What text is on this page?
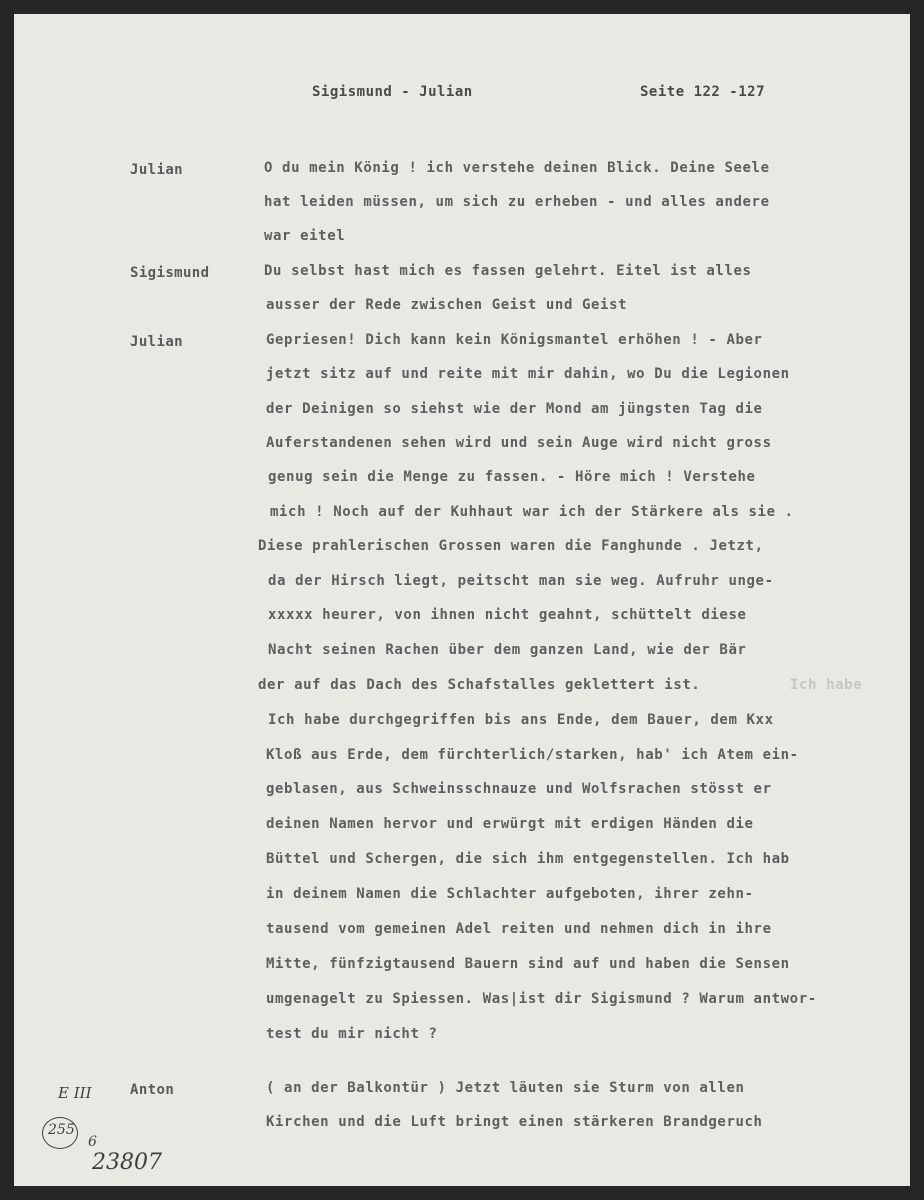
Sigismund - Julian	Seite 122 -127
Julian	O du mein König ! ich verstehe deinen Blick. Deine Seele
hat leiden müssen, um sich zu erheben - und alles andere
war eitel
Sigismund	Du selbst hast mich es fassen gelehrt. Eitel ist alles
ausser der Rede zwischen Geist und Geist
Julian	Gepriesen! Dich kann kein Königsmantel erhöhen ! - Aber
jetzt sitz auf und reite mit mir dahin, wo Du die Legionen
der Deinigen so siehst wie der Mond am jüngsten Tag die
Auferstandenen sehen wird und sein Auge wird nicht gross
genug sein die Menge zu fassen. - Höre mich ! Verstehe
mich ! Noch auf der Kuhhaut war ich der Stärkere als sie .
Diese prahlerischen Grossen waren die Fanghunde . Jetzt,
da der Hirsch liegt, peitscht man sie weg. Aufruhr unge-
xxxxx heurer, von ihnen nicht geahnt, schüttelt diese
Nacht seinen Rachen über dem ganzen Land, wie der Bär
der auf das Dach des Schafstalles geklettert ist.	Ich habe
Ich habe durchgegriffen bis ans Ende, dem Bauer, dem Kxx
Kloß aus Erde, dem fürchterlich/starken, hab' ich Atem ein-
geblasen, aus Schweinsschnauze und Wolfsrachen stösst er
deinen Namen hervor und erwürgt mit erdigen Händen die
Büttel und Schergen, die sich ihm entgegenstellen. Ich hab
in deinem Namen die Schlachter aufgeboten, ihrer zehn-
tausend vom gemeinen Adel reiten und nehmen dich in ihre
Mitte, fünfzigtausend Bauern sind auf und haben die Sensen
umgenagelt zu Spiessen. Was|ist dir Sigismund ? Warum antwor-
test du mir nicht ?
Anton	( an der Balkontür ) Jetzt läuten sie Sturm von allen
Kirchen und die Luft bringt einen stärkeren Brandgeruch
E III
255
6
23807
